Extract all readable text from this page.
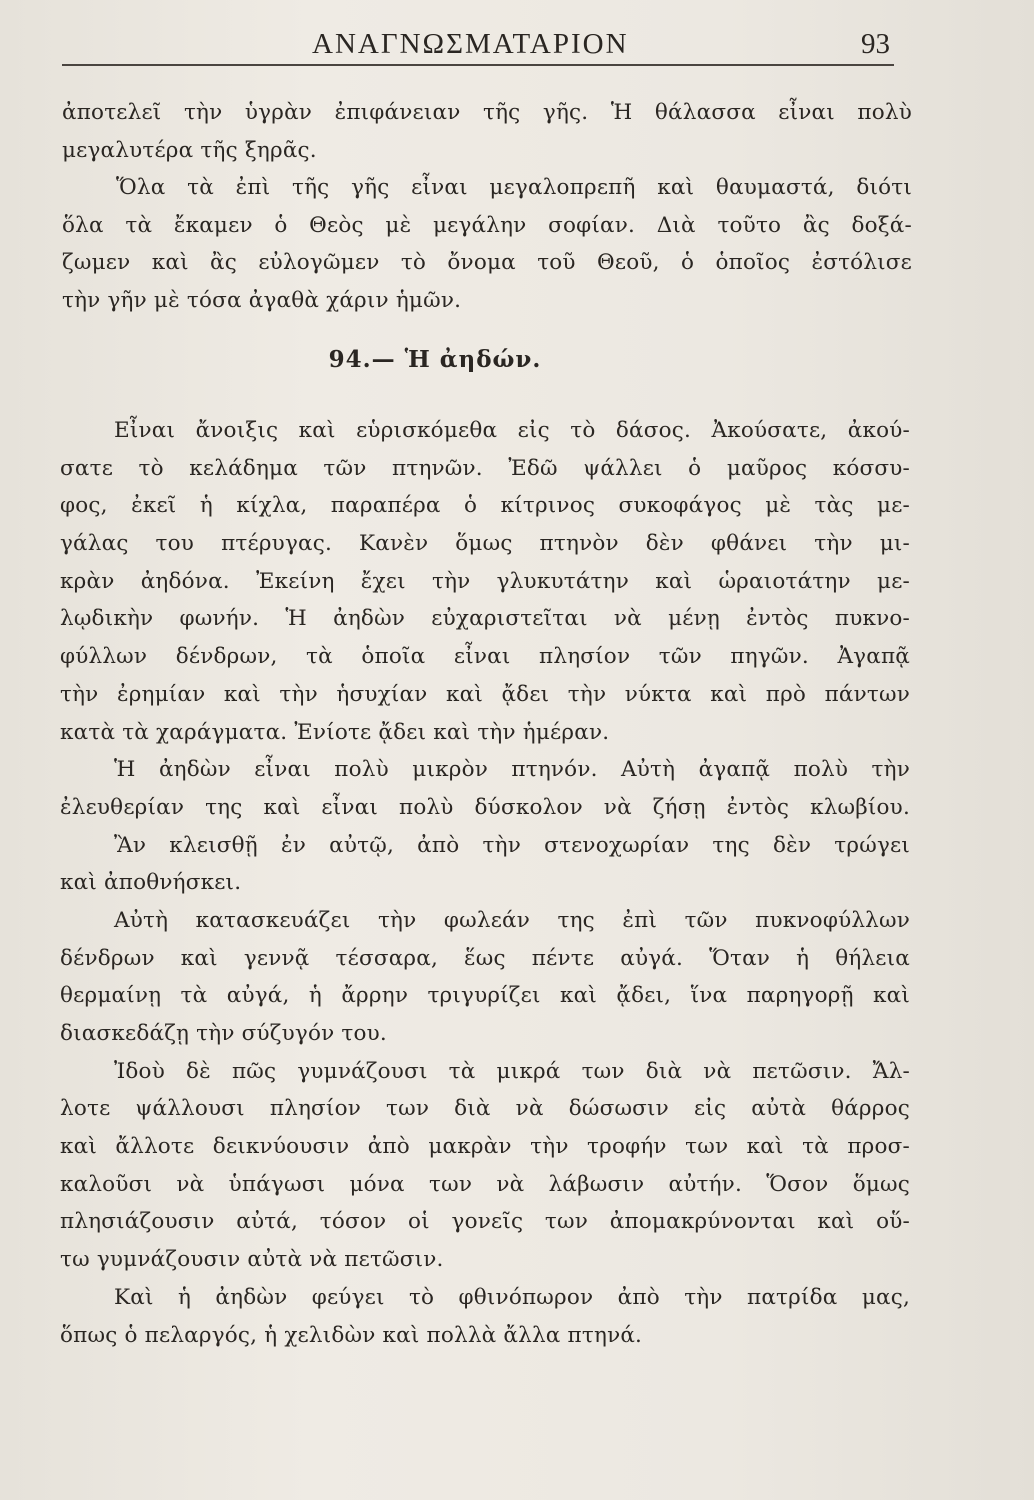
ΑΝΑΓΝΩΣΜΑΤΑΡΙΟΝ	93
ἀποτελεῖ τὴν ὑγρὰν ἐπιφάνειαν τῆς γῆς. Ἡ θάλασσα εἶναι πολὺ
μεγαλυτέρα τῆς ξηρᾶς.
Ὅλα τὰ ἐπὶ τῆς γῆς εἶναι μεγαλοπρεπῆ καὶ θαυμαστά, διότι
ὅλα τὰ ἔκαμεν ὁ Θεὸς μὲ μεγάλην σοφίαν. Διὰ τοῦτο ἂς δοξά-
ζωμεν καὶ ἂς εὐλογῶμεν τὸ ὄνομα τοῦ Θεοῦ, ὁ ὁποῖος ἐστόλισε
τὴν γῆν μὲ τόσα ἀγαθὰ χάριν ἡμῶν.
94.— Ἡ ἀηδών.
Εἶναι ἄνοιξις καὶ εὑρισκόμεθα εἰς τὸ δάσος. Ἀκούσατε, ἀκού-
σατε τὸ κελάδημα τῶν πτηνῶν. Ἐδῶ ψάλλει ὁ μαῦρος κόσσυ-
φος, ἐκεῖ ἡ κίχλα, παραπέρα ὁ κίτρινος συκοφάγος μὲ τὰς με-
γάλας του πτέρυγας. Κανὲν ὅμως πτηνὸν δὲν φθάνει τὴν μι-
κρὰν ἀηδόνα. Ἐκείνη ἔχει τὴν γλυκυτάτην καὶ ὡραιοτάτην με-
λῳδικὴν φωνήν. Ἡ ἀηδὼν εὐχαριστεῖται νὰ μένῃ ἐντὸς πυκνο-
φύλλων δένδρων, τὰ ὁποῖα εἶναι πλησίον τῶν πηγῶν. Ἀγαπᾷ
τὴν ἐρημίαν καὶ τὴν ἡσυχίαν καὶ ᾄδει τὴν νύκτα καὶ πρὸ πάντων
κατὰ τὰ χαράγματα. Ἐνίοτε ᾄδει καὶ τὴν ἡμέραν.
Ἡ ἀηδὼν εἶναι πολὺ μικρὸν πτηνόν. Αὐτὴ ἀγαπᾷ πολὺ τὴν
ἐλευθερίαν της καὶ εἶναι πολὺ δύσκολον νὰ ζήσῃ ἐντὸς κλωβίου.
Ἂν κλεισθῇ ἐν αὐτῷ, ἀπὸ τὴν στενοχωρίαν της δὲν τρώγει
καὶ ἀποθνήσκει.
Αὐτὴ κατασκευάζει τὴν φωλεάν της ἐπὶ τῶν πυκνοφύλλων
δένδρων καὶ γεννᾷ τέσσαρα, ἕως πέντε αὐγά. Ὅταν ἡ θήλεια
θερμαίνῃ τὰ αὐγά, ἡ ἄρρην τριγυρίζει καὶ ᾄδει, ἵνα παρηγορῇ καὶ
διασκεδάζῃ τὴν σύζυγόν του.
Ἰδοὺ δὲ πῶς γυμνάζουσι τὰ μικρά των διὰ νὰ πετῶσιν. Ἄλ-
λοτε ψάλλουσι πλησίον των διὰ νὰ δώσωσιν εἰς αὐτὰ θάρρος
καὶ ἄλλοτε δεικνύουσιν ἀπὸ μακρὰν τὴν τροφήν των καὶ τὰ προσ-
καλοῦσι νὰ ὑπάγωσι μόνα των νὰ λάβωσιν αὐτήν. Ὅσον ὅμως
πλησιάζουσιν αὐτά, τόσον οἱ γονεῖς των ἀπομακρύνονται καὶ οὕ-
τω γυμνάζουσιν αὐτὰ νὰ πετῶσιν.
Καὶ ἡ ἀηδὼν φεύγει τὸ φθινόπωρον ἀπὸ τὴν πατρίδα μας,
ὅπως ὁ πελαργός, ἡ χελιδὼν καὶ πολλὰ ἄλλα πτηνά.
